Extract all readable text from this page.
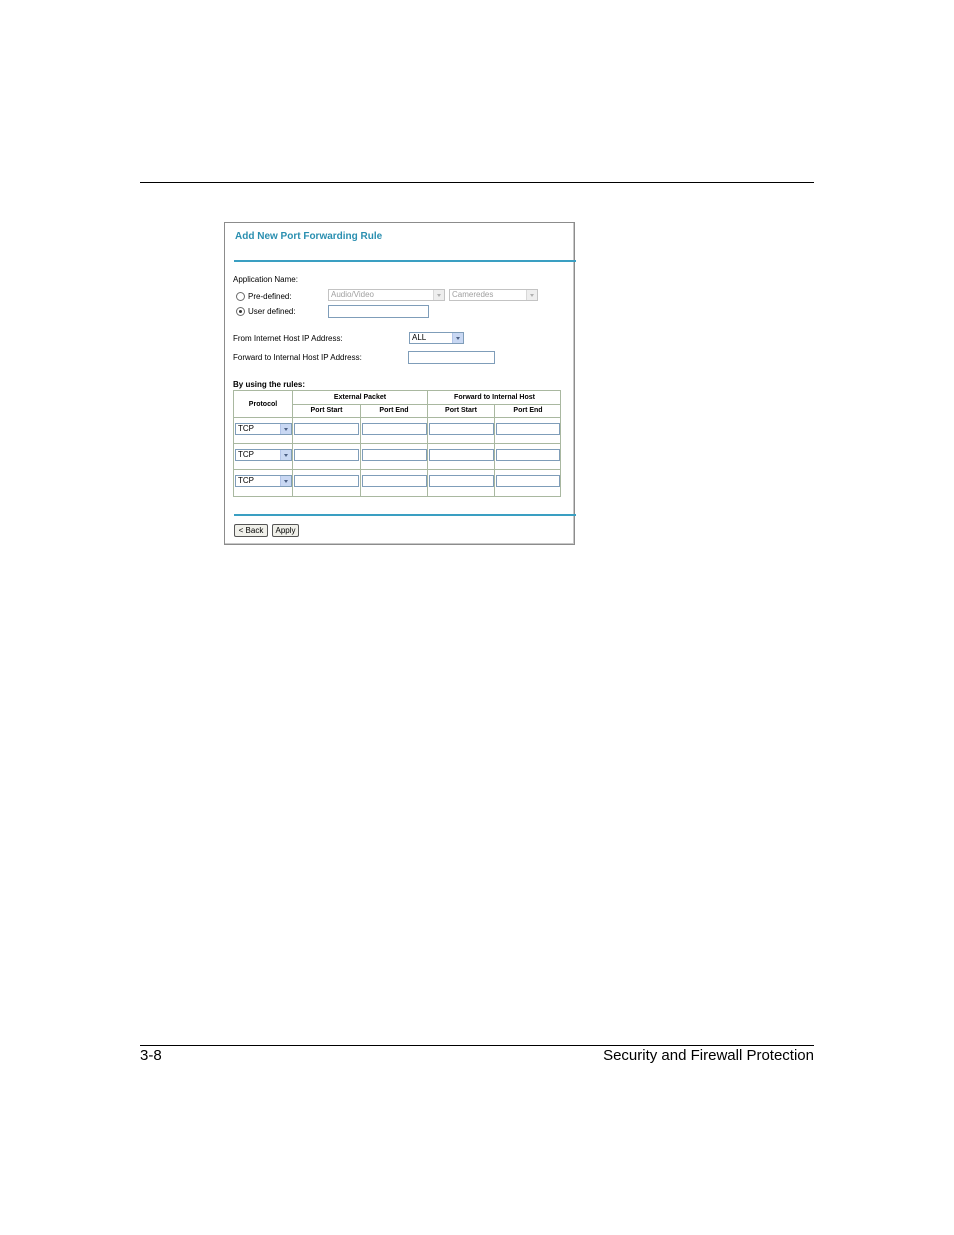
Add New Port Forwarding Rule
Application Name:
Pre-defined:	Audio/Video	Cameredes
User defined:
From Internet Host IP Address:	ALL
Forward to Internal Host IP Address:
By using the rules:
Protocol
External Packet	Forward to Internal Host
Port Start	Port End	Port Start	Port End
TCP
TCP
TCP
< Back	Apply
3-8	Security and Firewall Protection
